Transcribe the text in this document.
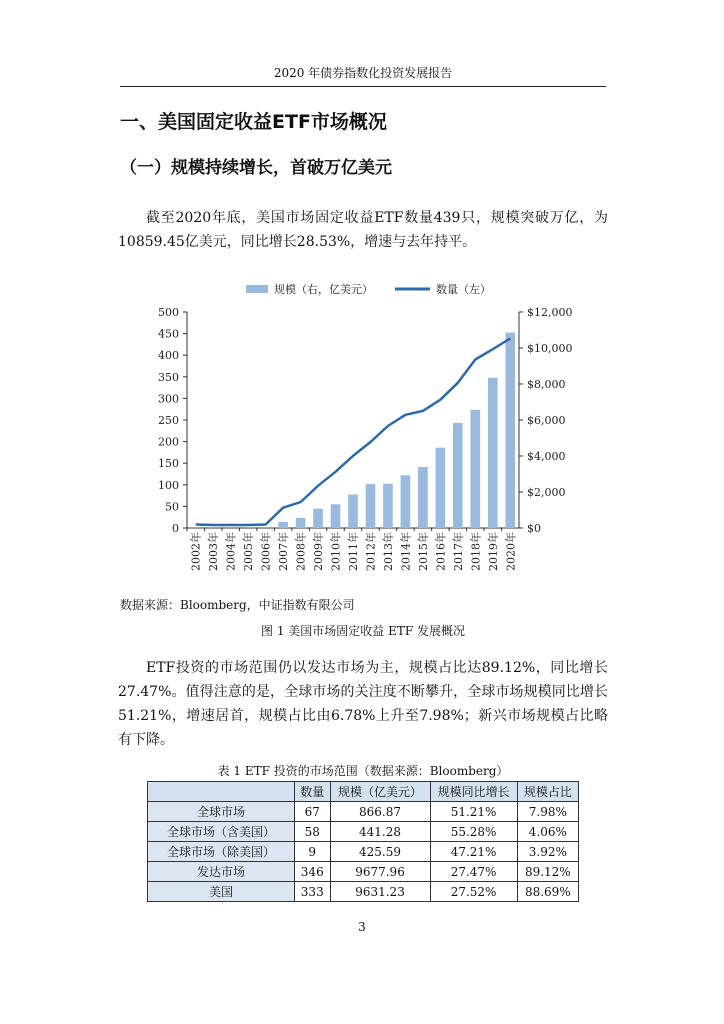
2020 年债券指数化投资发展报告
一、美国固定收益ETF市场概况
（一）规模持续增长，首破万亿美元
截至2020年底，美国市场固定收益ETF数量439只，规模突破万亿，为10859.45亿美元，同比增长28.53%，增速与去年持平。
规模（右，亿美元）	数量（左）
0
50
100
150
200
250
300
350
400
450
500
$0
$2,000
$4,000
$6,000
$8,000
$10,000
$12,000
2002年 2003年 2004年 2005年 2006年 2007年 2008年 2009年 2010年 2011年 2012年 2013年 2014年 2015年 2016年 2017年 2018年 2019年 2020年
数据来源：Bloomberg，中证指数有限公司
图 1 美国市场固定收益 ETF 发展概况
ETF投资的市场范围仍以发达市场为主，规模占比达89.12%，同比增长27.47%。值得注意的是，全球市场的关注度不断攀升，全球市场规模同比增长51.21%，增速居首，规模占比由6.78%上升至7.98%；新兴市场规模占比略有下降。
表 1 ETF 投资的市场范围（数据来源：Bloomberg）
	数量	规模（亿美元）	规模同比增长	规模占比
全球市场	67	866.87	51.21%	7.98%
全球市场（含美国）	58	441.28	55.28%	4.06%
全球市场（除美国）	9	425.59	47.21%	3.92%
发达市场	346	9677.96	27.47%	89.12%
美国	333	9631.23	27.52%	88.69%
3
